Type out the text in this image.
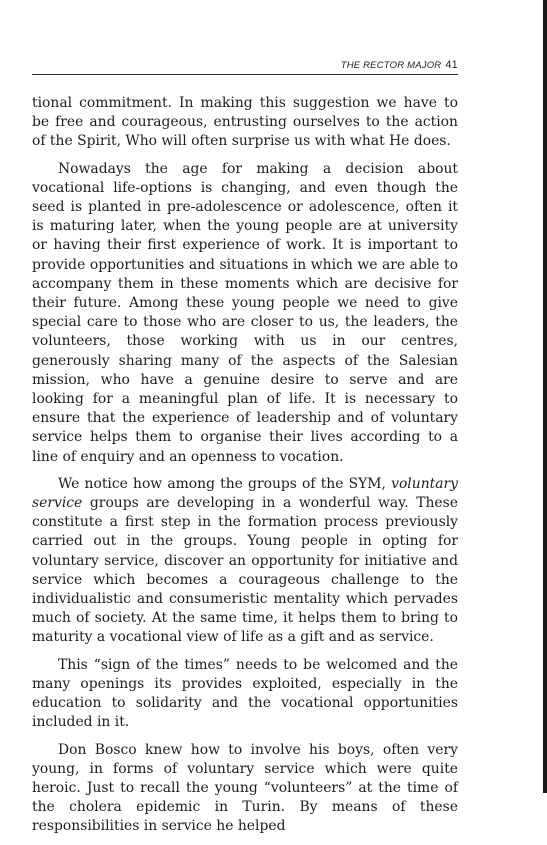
THE RECTOR MAJOR 41

tional commitment. In making this suggestion we have to be free and courageous, entrusting ourselves to the action of the Spirit, Who will often surprise us with what He does.

Nowadays the age for making a decision about vocational life-options is changing, and even though the seed is planted in pre-adolescence or adolescence, often it is maturing later, when the young people are at university or having their first experience of work. It is important to provide opportunities and situations in which we are able to accompany them in these moments which are decisive for their future. Among these young people we need to give special care to those who are closer to us, the leaders, the volunteers, those working with us in our centres, generously sharing many of the aspects of the Salesian mission, who have a genuine desire to serve and are looking for a meaningful plan of life. It is necessary to ensure that the experience of leadership and of voluntary service helps them to organise their lives according to a line of enquiry and an openness to vocation.

We notice how among the groups of the SYM, voluntary service groups are developing in a wonderful way. These constitute a first step in the formation process previously carried out in the groups. Young people in opting for voluntary service, discover an opportunity for initiative and service which becomes a courageous challenge to the individualistic and consumeristic mentality which pervades much of society. At the same time, it helps them to bring to maturity a vocational view of life as a gift and as service.

This “sign of the times” needs to be welcomed and the many openings its provides exploited, especially in the education to solidarity and the vocational opportunities included in it.

Don Bosco knew how to involve his boys, often very young, in forms of voluntary service which were quite heroic. Just to recall the young “volunteers” at the time of the cholera epidemic in Turin. By means of these responsibilities in service he helped
